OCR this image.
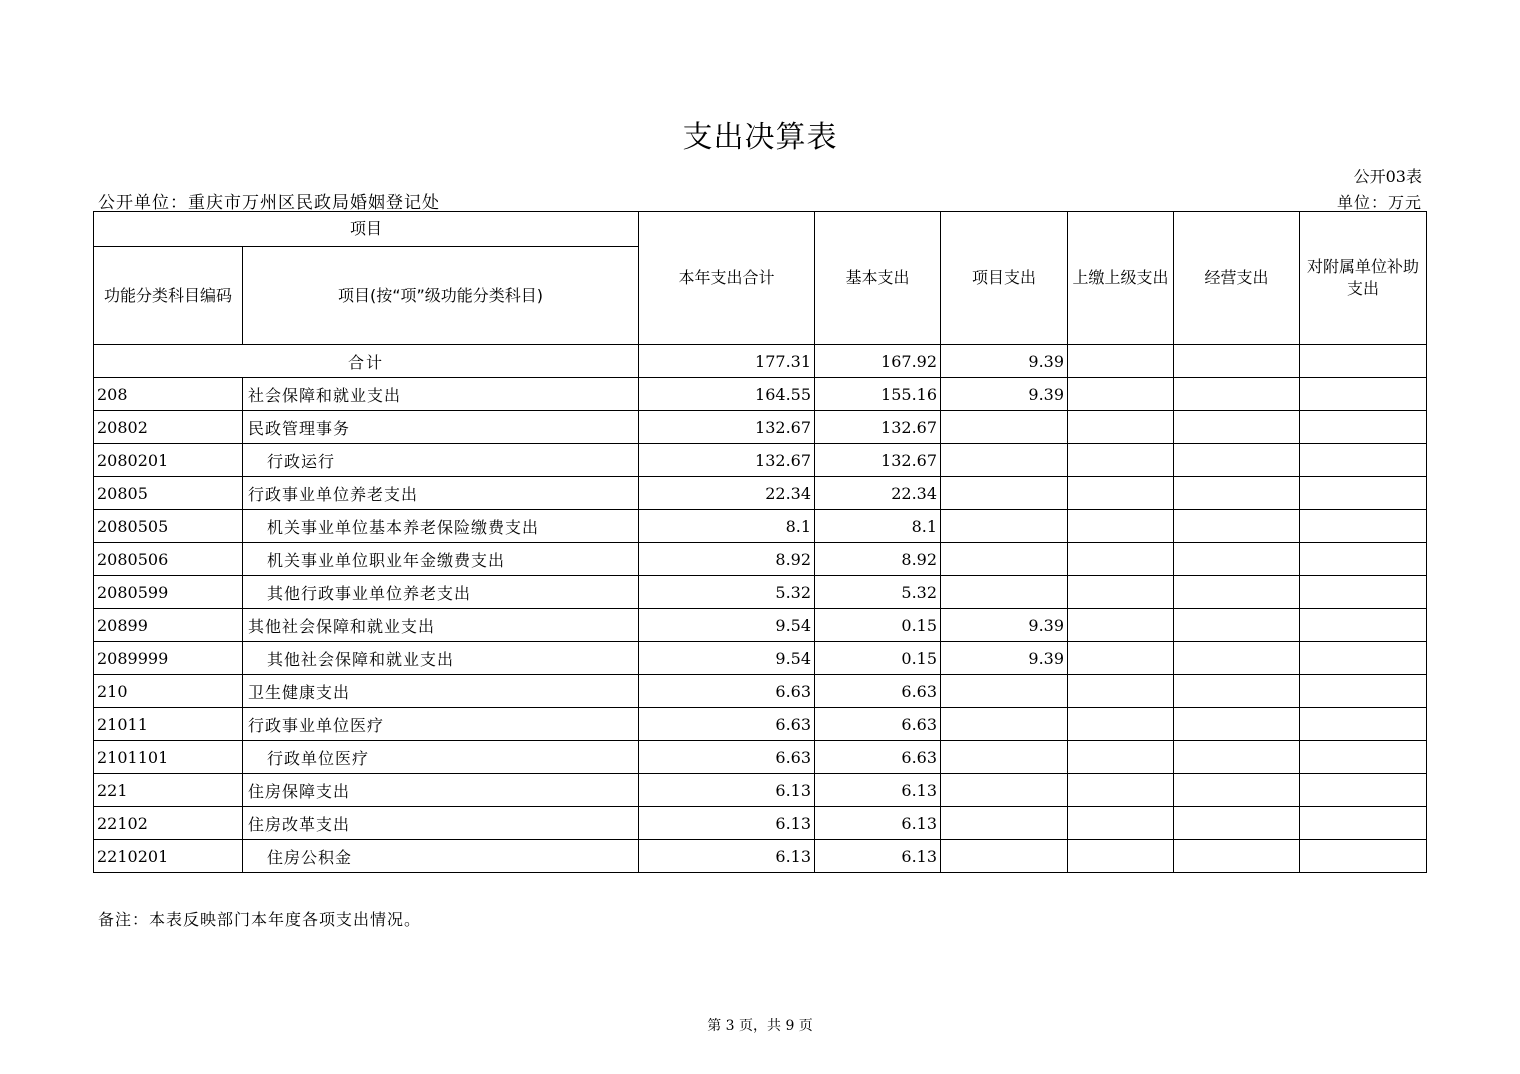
支出决算表
公开03表
公开单位：重庆市万州区民政局婚姻登记处	单位：万元
项目		本年支出合计	基本支出	项目支出	上缴上级支出	经营支出	对附属单位补助支出
功能分类科目编码	项目(按“项”级功能分类科目)						
合计		177.31	167.92	9.39			
208	社会保障和就业支出	164.55	155.16	9.39			
20802	民政管理事务	132.67	132.67				
2080201	行政运行	132.67	132.67				
20805	行政事业单位养老支出	22.34	22.34				
2080505	机关事业单位基本养老保险缴费支出	8.1	8.1				
2080506	机关事业单位职业年金缴费支出	8.92	8.92				
2080599	其他行政事业单位养老支出	5.32	5.32				
20899	其他社会保障和就业支出	9.54	0.15	9.39			
2089999	其他社会保障和就业支出	9.54	0.15	9.39			
210	卫生健康支出	6.63	6.63				
21011	行政事业单位医疗	6.63	6.63				
2101101	行政单位医疗	6.63	6.63				
221	住房保障支出	6.13	6.13				
22102	住房改革支出	6.13	6.13				
2210201	住房公积金	6.13	6.13				
备注：本表反映部门本年度各项支出情况。
第 3 页，共 9 页
